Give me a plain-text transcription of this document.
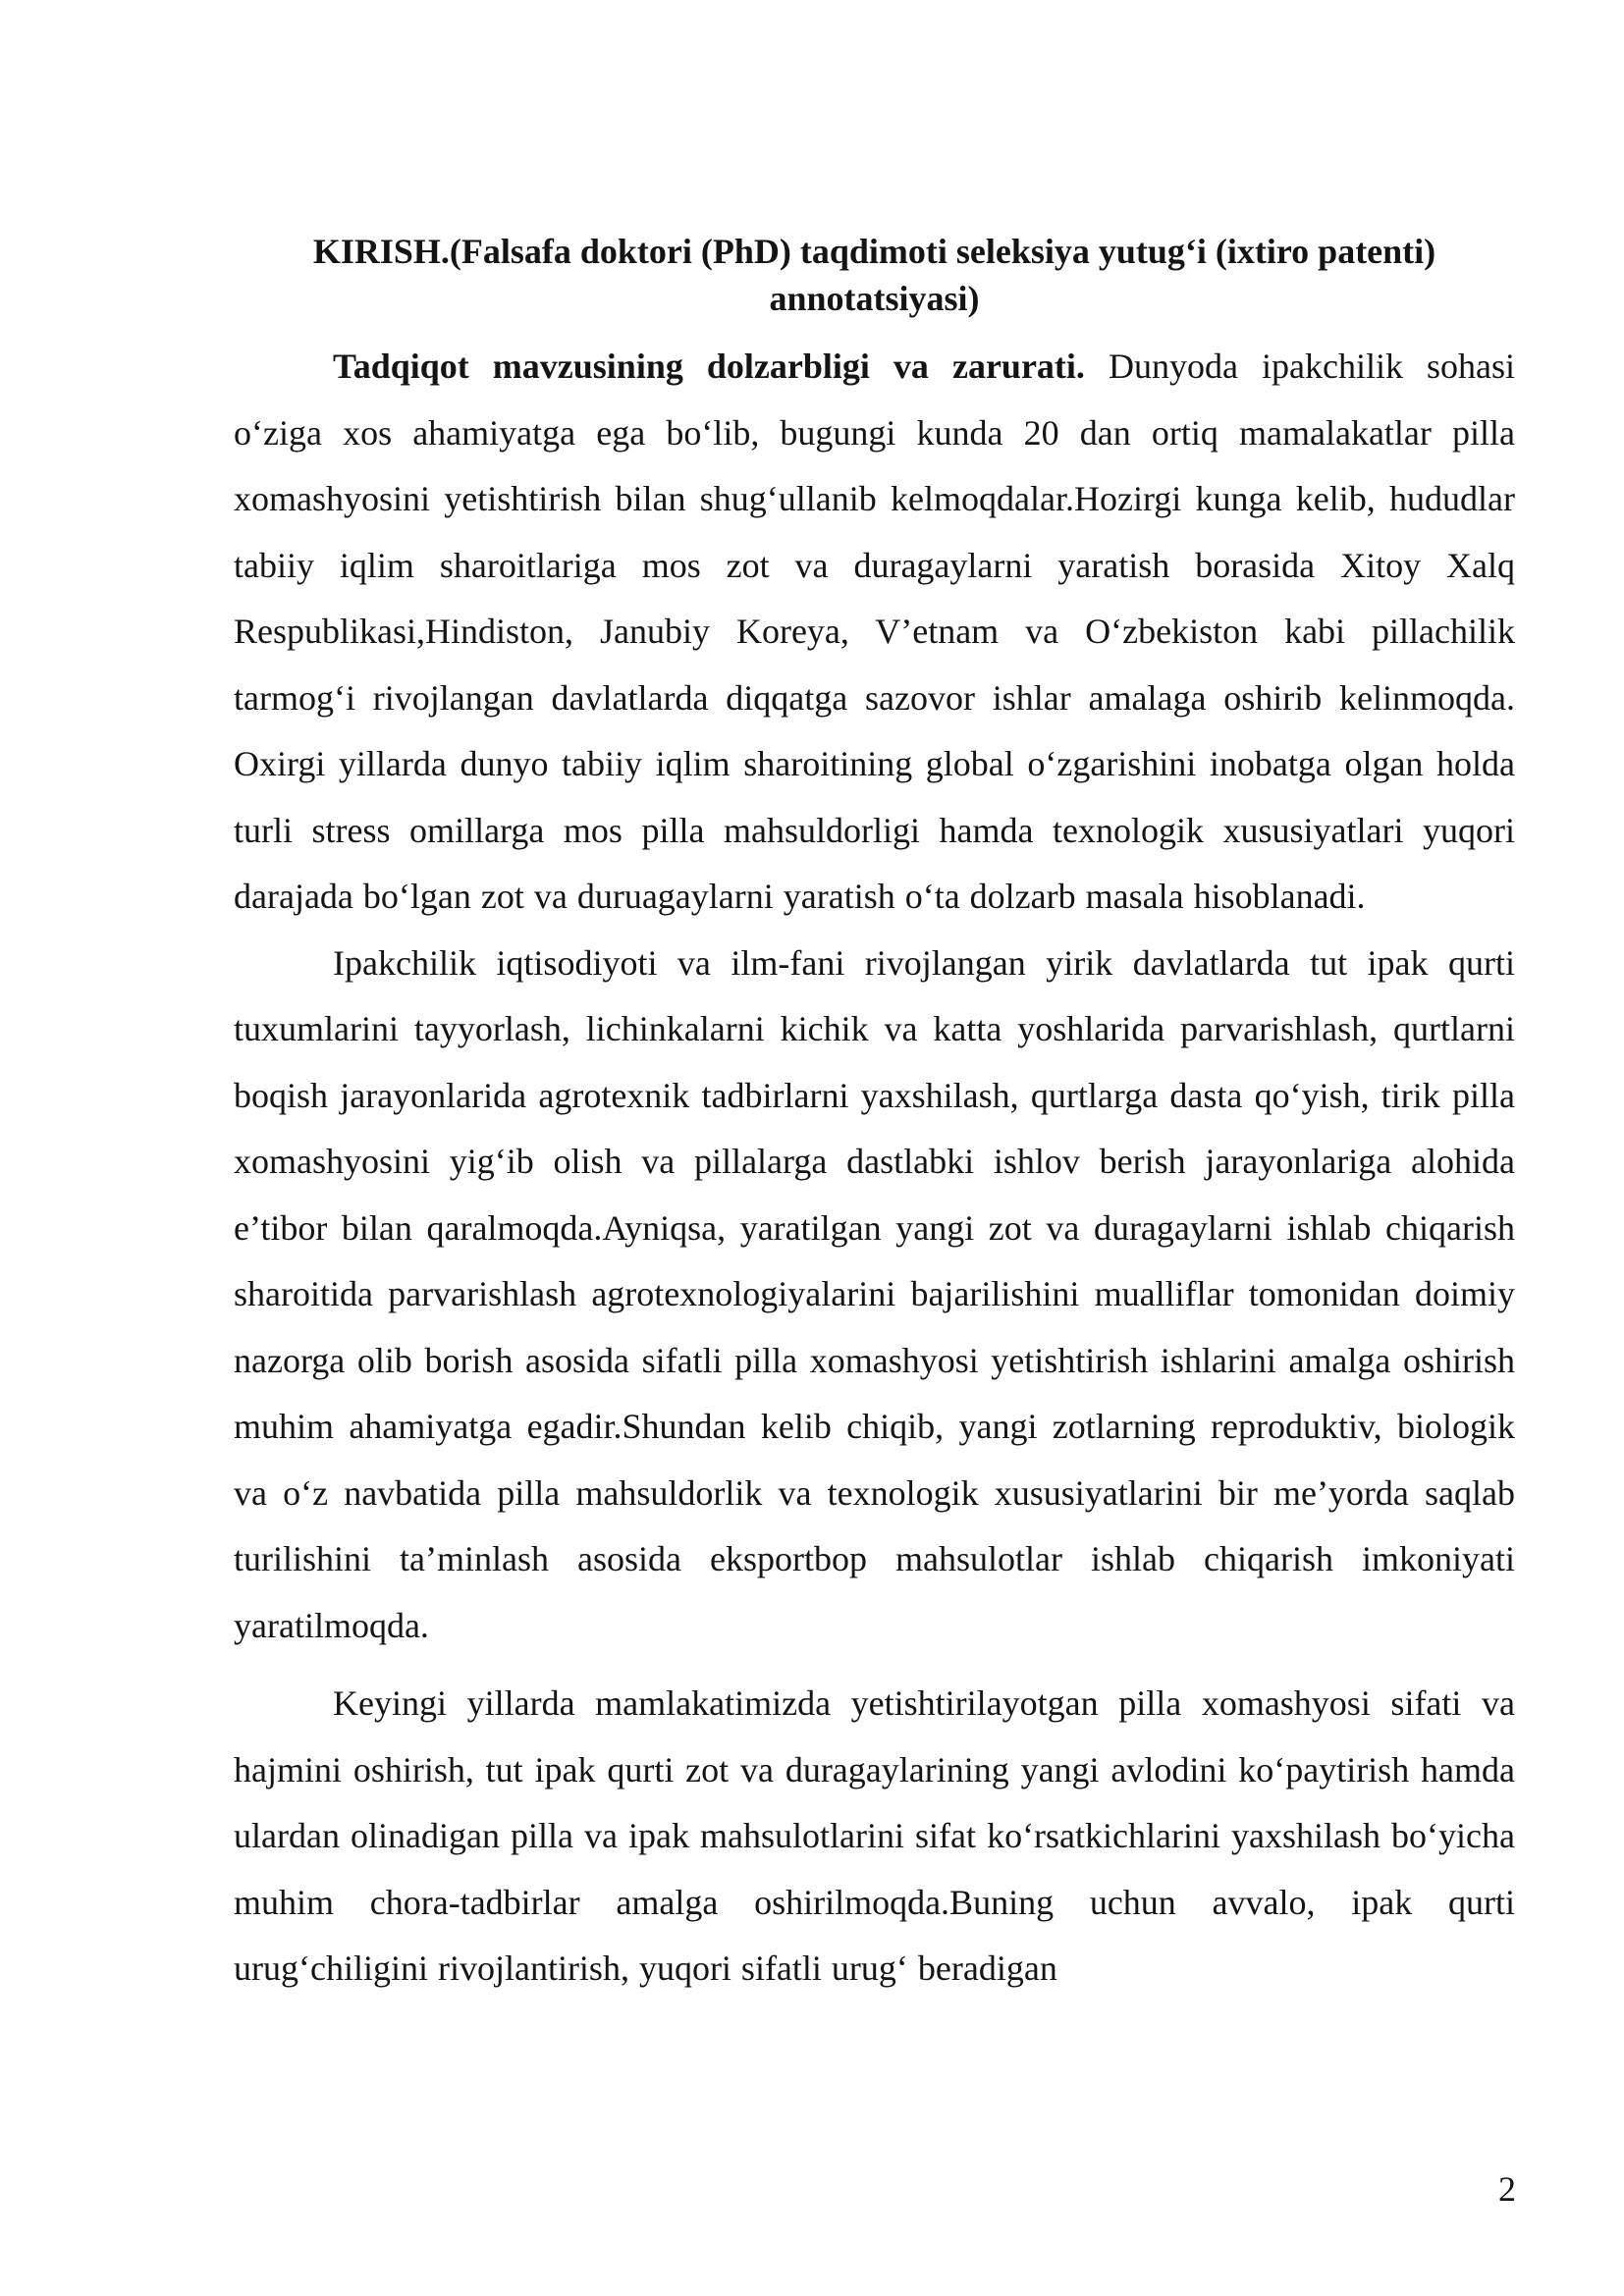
KIRISH.(Falsafa doktori (PhD) taqdimoti seleksiya yutug‘i (ixtiro patenti) annotatsiyasi)

Tadqiqot mavzusining dolzarbligi va zarurati. Dunyoda ipakchilik sohasi o‘ziga xos ahamiyatga ega bo‘lib, bugungi kunda 20 dan ortiq mamalakatlar pilla xomashyosini yetishtirish bilan shug‘ullanib kelmoqdalar.Hozirgi kunga kelib, hududlar tabiiy iqlim sharoitlariga mos zot va duragaylarni yaratish borasida Xitoy Xalq Respublikasi,Hindiston, Janubiy Koreya, V’etnam va O‘zbekiston kabi pillachilik tarmog‘i rivojlangan davlatlarda diqqatga sazovor ishlar amalaga oshirib kelinmoqda. Oxirgi yillarda dunyo tabiiy iqlim sharoitining global o‘zgarishini inobatga olgan holda turli stress omillarga mos pilla mahsuldorligi hamda texnologik xususiyatlari yuqori darajada bo‘lgan zot va duruagaylarni yaratish o‘ta dolzarb masala hisoblanadi.

Ipakchilik iqtisodiyoti va ilm-fani rivojlangan yirik davlatlarda tut ipak qurti tuxumlarini tayyorlash, lichinkalarni kichik va katta yoshlarida parvarishlash, qurtlarni boqish jarayonlarida agrotexnik tadbirlarni yaxshilash, qurtlarga dasta qo‘yish, tirik pilla xomashyosini yig‘ib olish va pillalarga dastlabki ishlov berish jarayonlariga alohida e’tibor bilan qaralmoqda.Ayniqsa, yaratilgan yangi zot va duragaylarni ishlab chiqarish sharoitida parvarishlash agrotexnologiyalarini bajarilishini mualliflar tomonidan doimiy nazorga olib borish asosida sifatli pilla xomashyosi yetishtirish ishlarini amalga oshirish muhim ahamiyatga egadir.Shundan kelib chiqib, yangi zotlarning reproduktiv, biologik va o‘z navbatida pilla mahsuldorlik va texnologik xususiyatlarini bir me’yorda saqlab turilishini ta’minlash asosida eksportbop mahsulotlar ishlab chiqarish imkoniyati yaratilmoqda.

Keyingi yillarda mamlakatimizda yetishtirilayotgan pilla xomashyosi sifati va hajmini oshirish, tut ipak qurti zot va duragaylarining yangi avlodini ko‘paytirish hamda ulardan olinadigan pilla va ipak mahsulotlarini sifat ko‘rsatkichlarini yaxshilash bo‘yicha muhim chora-tadbirlar amalga oshirilmoqda.Buning uchun avvalo, ipak qurti urug‘chiligini rivojlantirish, yuqori sifatli urug‘ beradigan

2
